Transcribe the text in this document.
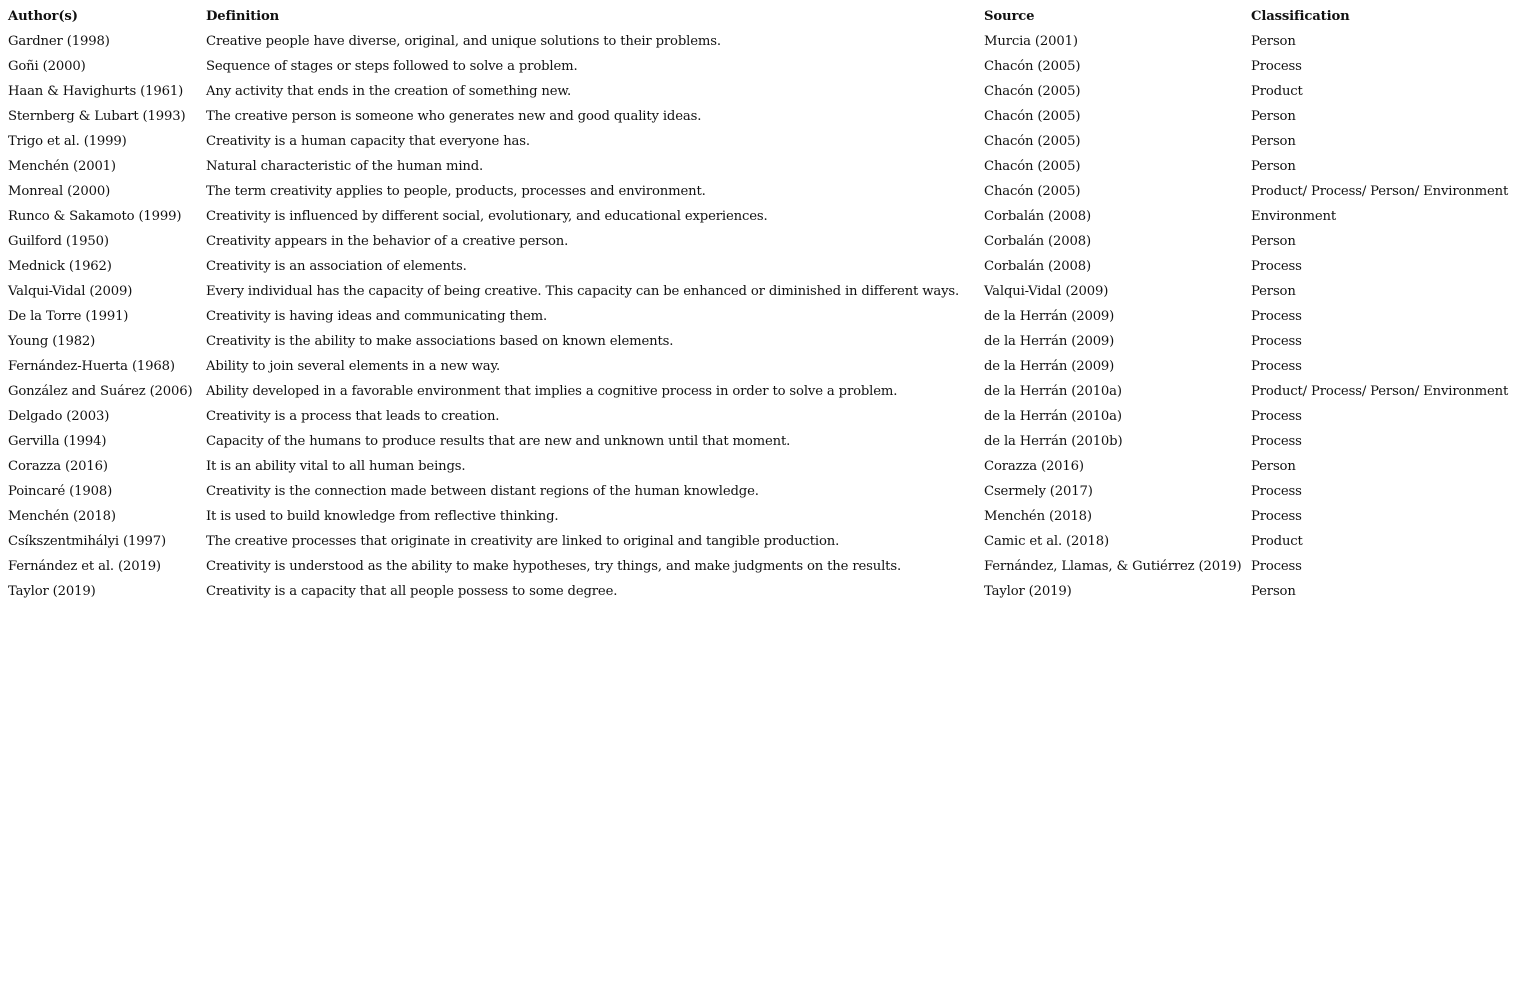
Author(s)	Definition	Source	Classification
Gardner (1998)	Creative people have diverse, original, and unique solutions to their problems.	Murcia (2001)	Person
Goñi (2000)	Sequence of stages or steps followed to solve a problem.	Chacón (2005)	Process
Haan & Havighurts (1961)	Any activity that ends in the creation of something new.	Chacón (2005)	Product
Sternberg & Lubart (1993)	The creative person is someone who generates new and good quality ideas.	Chacón (2005)	Person
Trigo et al. (1999)	Creativity is a human capacity that everyone has.	Chacón (2005)	Person
Menchén (2001)	Natural characteristic of the human mind.	Chacón (2005)	Person
Monreal (2000)	The term creativity applies to people, products, processes and environment.	Chacón (2005)	Product/ Process/ Person/ Environment
Runco & Sakamoto (1999)	Creativity is influenced by different social, evolutionary, and educational experiences.	Corbalán (2008)	Environment
Guilford (1950)	Creativity appears in the behavior of a creative person.	Corbalán (2008)	Person
Mednick (1962)	Creativity is an association of elements.	Corbalán (2008)	Process
Valqui-Vidal (2009)	Every individual has the capacity of being creative. This capacity can be enhanced or diminished in different ways.	Valqui-Vidal (2009)	Person
De la Torre (1991)	Creativity is having ideas and communicating them.	de la Herrán (2009)	Process
Young (1982)	Creativity is the ability to make associations based on known elements.	de la Herrán (2009)	Process
Fernández-Huerta (1968)	Ability to join several elements in a new way.	de la Herrán (2009)	Process
González and Suárez (2006)	Ability developed in a favorable environment that implies a cognitive process in order to solve a problem.	de la Herrán (2010a)	Product/ Process/ Person/ Environment
Delgado (2003)	Creativity is a process that leads to creation.	de la Herrán (2010a)	Process
Gervilla (1994)	Capacity of the humans to produce results that are new and unknown until that moment.	de la Herrán (2010b)	Process
Corazza (2016)	It is an ability vital to all human beings.	Corazza (2016)	Person
Poincaré (1908)	Creativity is the connection made between distant regions of the human knowledge.	Csermely (2017)	Process
Menchén (2018)	It is used to build knowledge from reflective thinking.	Menchén (2018)	Process
Csíkszentmihályi (1997)	The creative processes that originate in creativity are linked to original and tangible production.	Camic et al. (2018)	Product
Fernández et al. (2019)	Creativity is understood as the ability to make hypotheses, try things, and make judgments on the results.	Fernández, Llamas, & Gutiérrez (2019)	Process
Taylor (2019)	Creativity is a capacity that all people possess to some degree.	Taylor (2019)	Person
